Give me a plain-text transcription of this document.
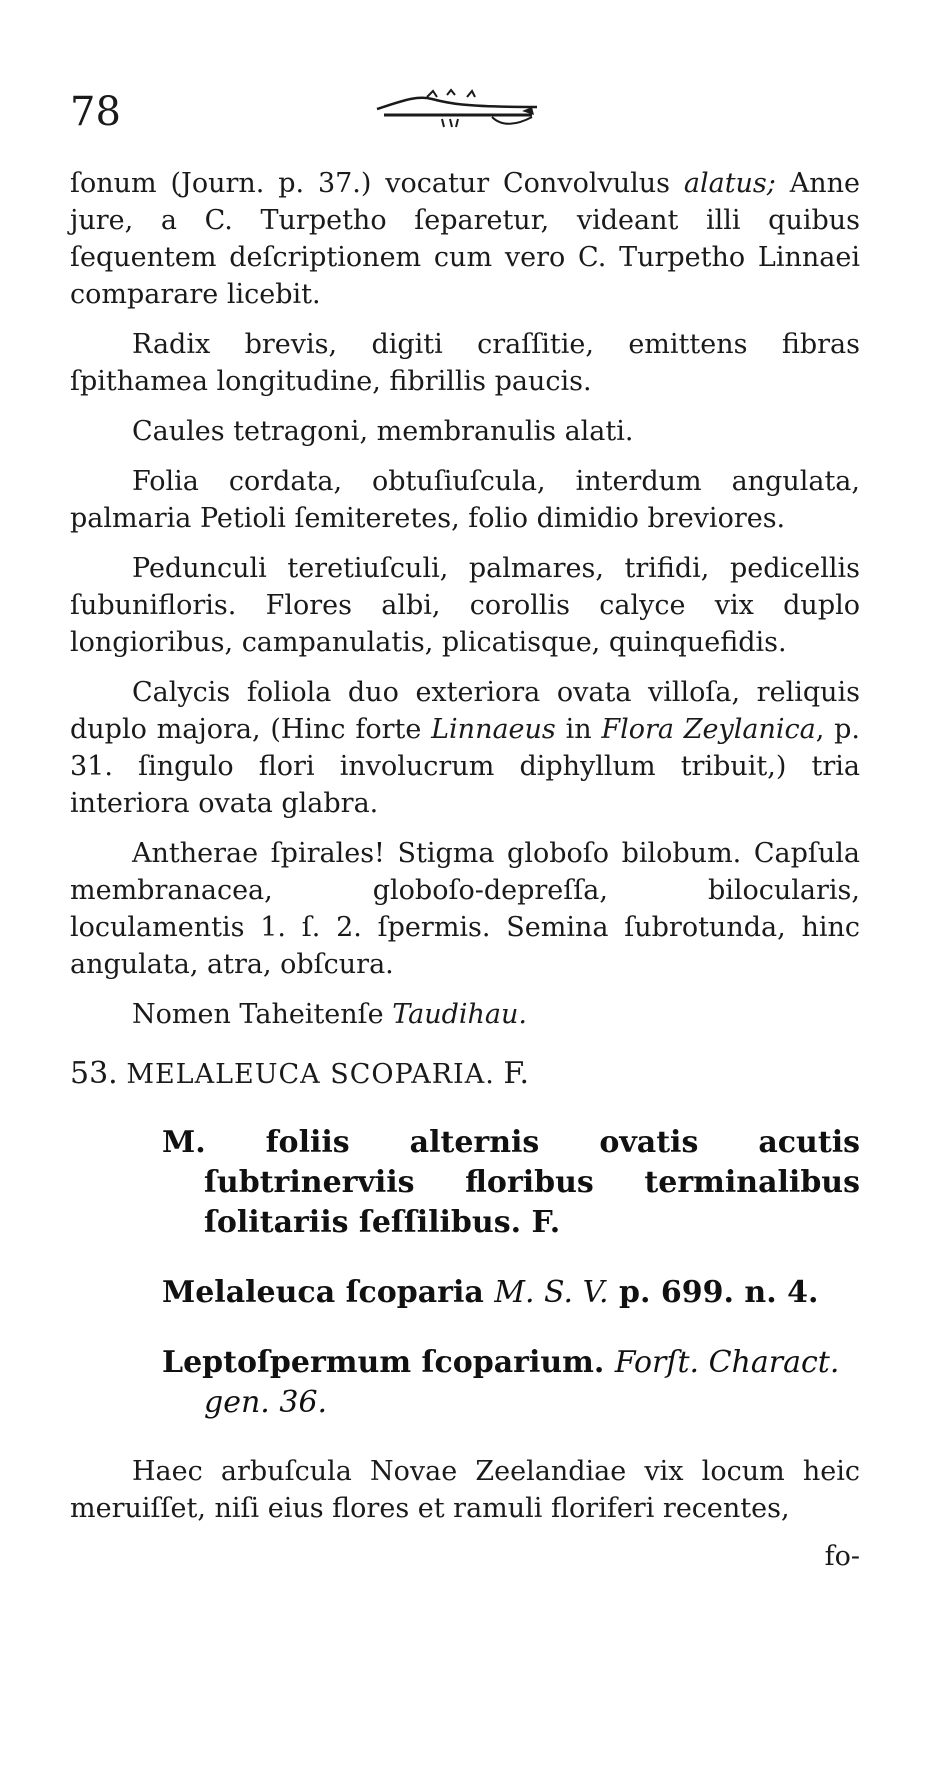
78

ſonum (Journ. p. 37.) vocatur Convolvulus alatus; Anne jure, a C. Turpetho ſeparetur, videant illi quibus ſequentem deſcriptionem cum vero C. Turpetho Linnaei comparare licebit.

Radix brevis, digiti craſſitie, emittens fibras ſpithamea longitudine, fibrillis paucis.

Caules tetragoni, membranulis alati.

Folia cordata, obtuſiuſcula, interdum angulata, palmaria Petioli ſemiteretes, folio dimidio breviores.

Pedunculi teretiuſculi, palmares, trifidi, pedicellis ſubunifloris. Flores albi, corollis calyce vix duplo longioribus, campanulatis, plicatisque, quinquefidis.

Calycis foliola duo exteriora ovata villoſa, reliquis duplo majora, (Hinc forte Linnaeus in Flora Zeylanica, p. 31. ſingulo flori involucrum diphyllum tribuit,) tria interiora ovata glabra.

Antherae ſpirales! Stigma globoſo bilobum. Capſula membranacea, globoſo-depreſſa, bilocularis, loculamentis 1. ſ. 2. ſpermis. Semina ſubrotunda, hinc angulata, atra, obſcura.

Nomen Taheitenſe Taudihau.

53. MELALEUCA SCOPARIA. F.

M. foliis alternis ovatis acutis ſubtrinerviis floribus terminalibus ſolitariis ſeſſilibus. F.

Melaleuca ſcoparia M. S. V. p. 699. n. 4.

Leptoſpermum ſcoparium. Forſt. Charact. gen. 36.

Haec arbuſcula Novae Zeelandiae vix locum heic meruiſſet, niſi eius flores et ramuli floriferi recentes,

fo-
